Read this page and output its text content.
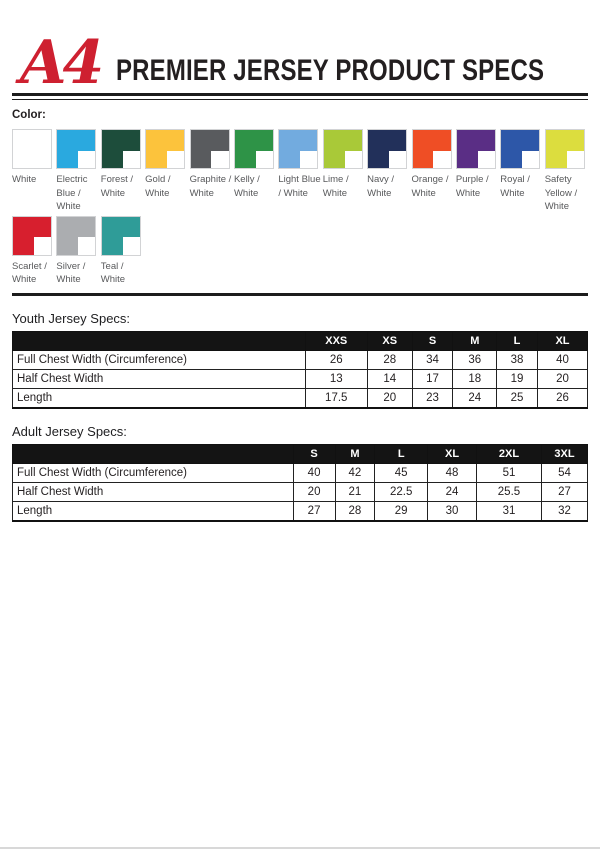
A4 PREMIER JERSEY PRODUCT SPECS
Color:
White	Electric Blue / White
Forest / White
Gold / White
Graphite / White
Kelly / White
Light Blue / White
Lime / White
Navy / White
Orange / White
Purple / White
Royal / White
Safety Yellow / White
Scarlet / White
Silver / White
Teal / White
Youth Jersey Specs:
	XXS	XS	S	M	L	XL
Full Chest Width (Circumference)	26	28	34	36	38	40
Half Chest Width	13	14	17	18	19	20
Length	17.5	20	23	24	25	26
Adult Jersey Specs:
	S	M	L	XL	2XL	3XL
Full Chest Width (Circumference)	40	42	45	48	51	54
Half Chest Width	20	21	22.5	24	25.5	27
Length	27	28	29	30	31	32
